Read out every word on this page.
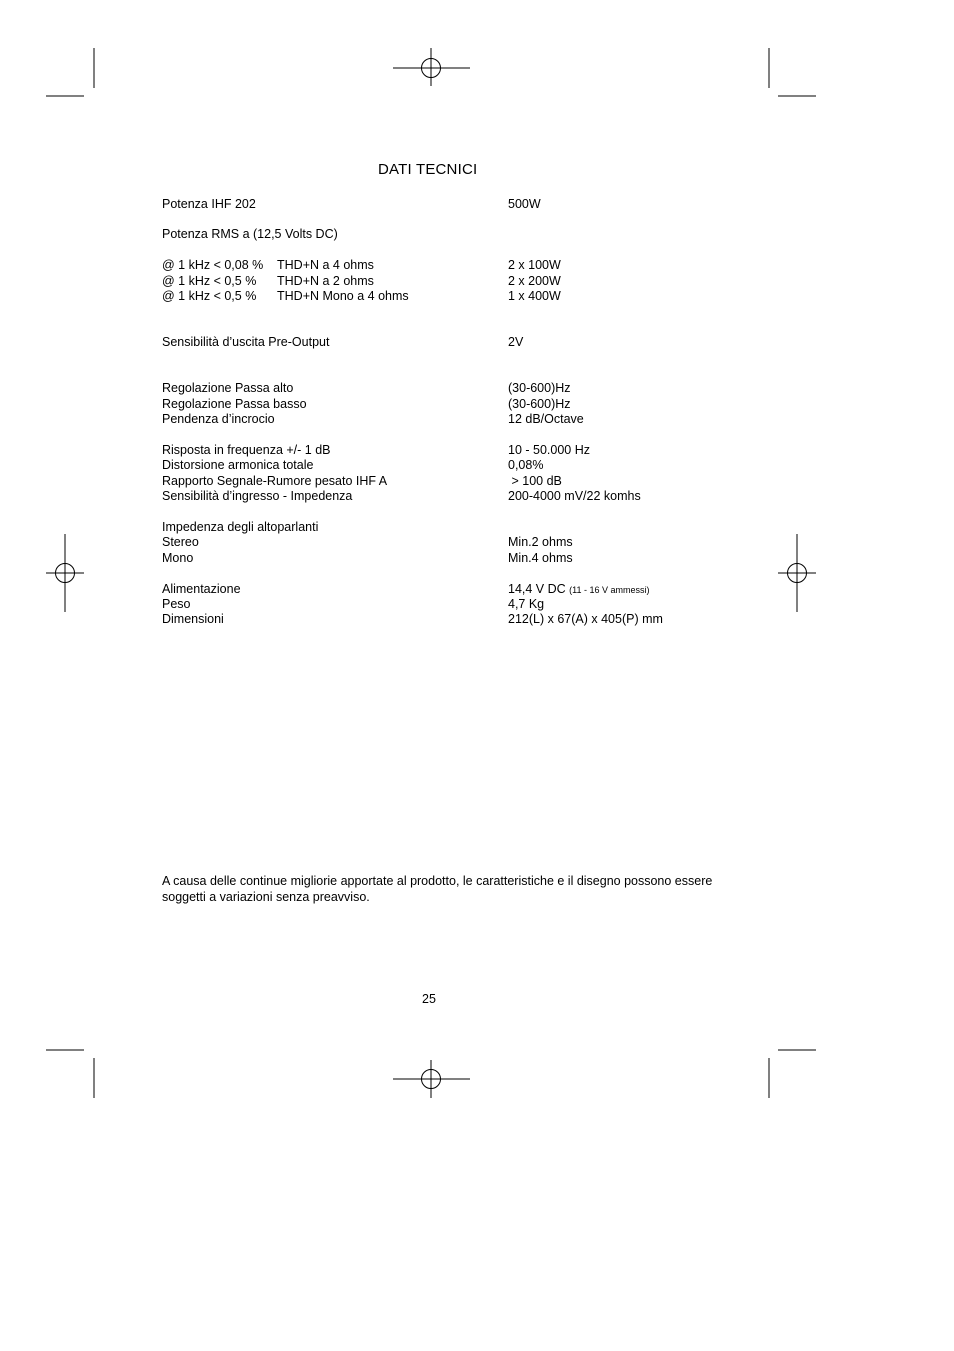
DATI TECNICI
Potenza IHF 202	500W
Potenza RMS a (12,5 Volts DC)
@ 1 kHz < 0,08 % THD+N a 4 ohms	2 x 100W
@ 1 kHz < 0,5 % THD+N a 2 ohms	2 x 200W
@ 1 kHz < 0,5 % THD+N Mono a 4 ohms	1 x 400W
Sensibilità d’uscita Pre-Output	2V
Regolazione Passa alto	(30-600)Hz
Regolazione Passa basso	(30-600)Hz
Pendenza d’incrocio	12 dB/Octave
Risposta in frequenza +/- 1 dB	10 - 50.000 Hz
Distorsione armonica totale	0,08%
Rapporto Segnale-Rumore pesato IHF A	> 100 dB
Sensibilità d’ingresso - Impedenza	200-4000 mV/22 komhs
Impedenza degli altoparlanti
Stereo	Min.2 ohms
Mono	Min.4 ohms
Alimentazione	14,4 V DC (11 - 16 V ammessi)
Peso	4,7 Kg
Dimensioni	212(L) x 67(A) x 405(P) mm
A causa delle continue migliorie apportate al prodotto, le caratteristiche e il disegno possono essere soggetti a variazioni senza preavviso.
25
